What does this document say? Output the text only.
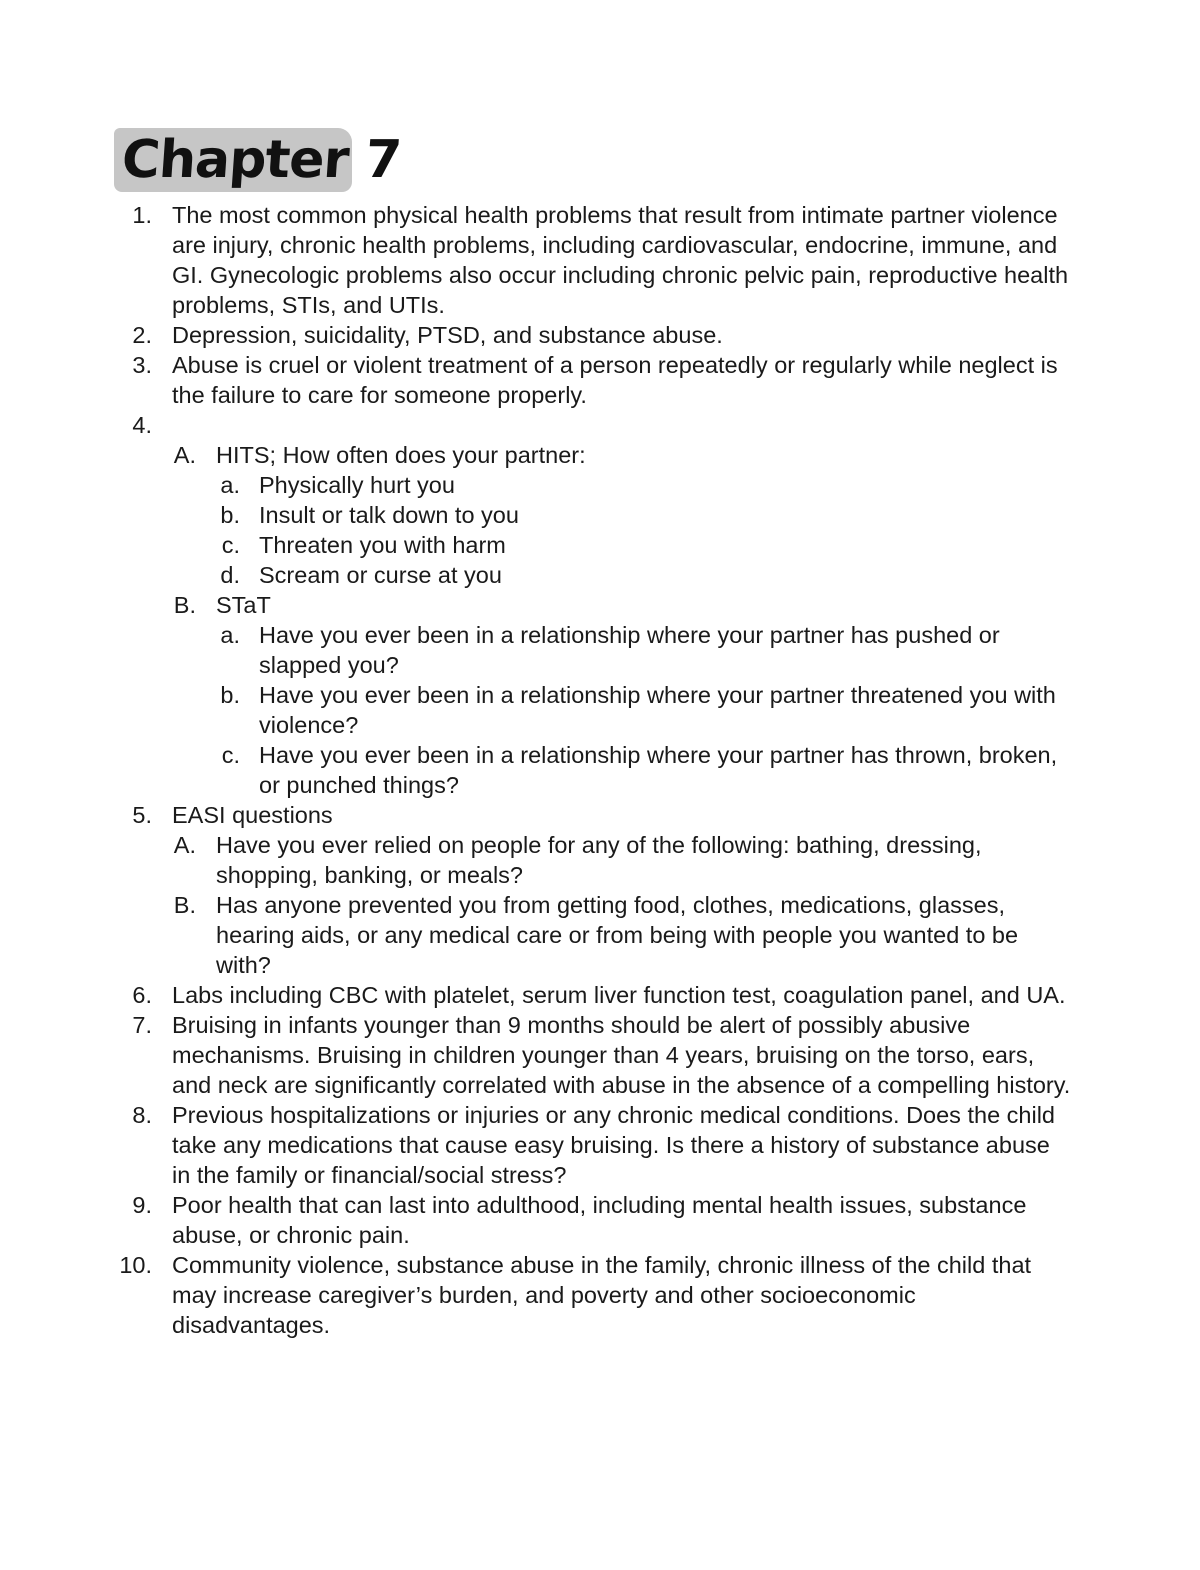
Chapter 7
1. The most common physical health problems that result from intimate partner violence are injury, chronic health problems, including cardiovascular, endocrine, immune, and GI. Gynecologic problems also occur including chronic pelvic pain, reproductive health problems, STIs, and UTIs.
2. Depression, suicidality, PTSD, and substance abuse.
3. Abuse is cruel or violent treatment of a person repeatedly or regularly while neglect is the failure to care for someone properly.
4.
A. HITS; How often does your partner:
a. Physically hurt you
b. Insult or talk down to you
c. Threaten you with harm
d. Scream or curse at you
B. STaT
a. Have you ever been in a relationship where your partner has pushed or slapped you?
b. Have you ever been in a relationship where your partner threatened you with violence?
c. Have you ever been in a relationship where your partner has thrown, broken, or punched things?
5. EASI questions
A. Have you ever relied on people for any of the following: bathing, dressing, shopping, banking, or meals?
B. Has anyone prevented you from getting food, clothes, medications, glasses, hearing aids, or any medical care or from being with people you wanted to be with?
6. Labs including CBC with platelet, serum liver function test, coagulation panel, and UA.
7. Bruising in infants younger than 9 months should be alert of possibly abusive mechanisms. Bruising in children younger than 4 years, bruising on the torso, ears, and neck are significantly correlated with abuse in the absence of a compelling history.
8. Previous hospitalizations or injuries or any chronic medical conditions. Does the child take any medications that cause easy bruising. Is there a history of substance abuse in the family or financial/social stress?
9. Poor health that can last into adulthood, including mental health issues, substance abuse, or chronic pain.
10. Community violence, substance abuse in the family, chronic illness of the child that may increase caregiver’s burden, and poverty and other socioeconomic disadvantages.
